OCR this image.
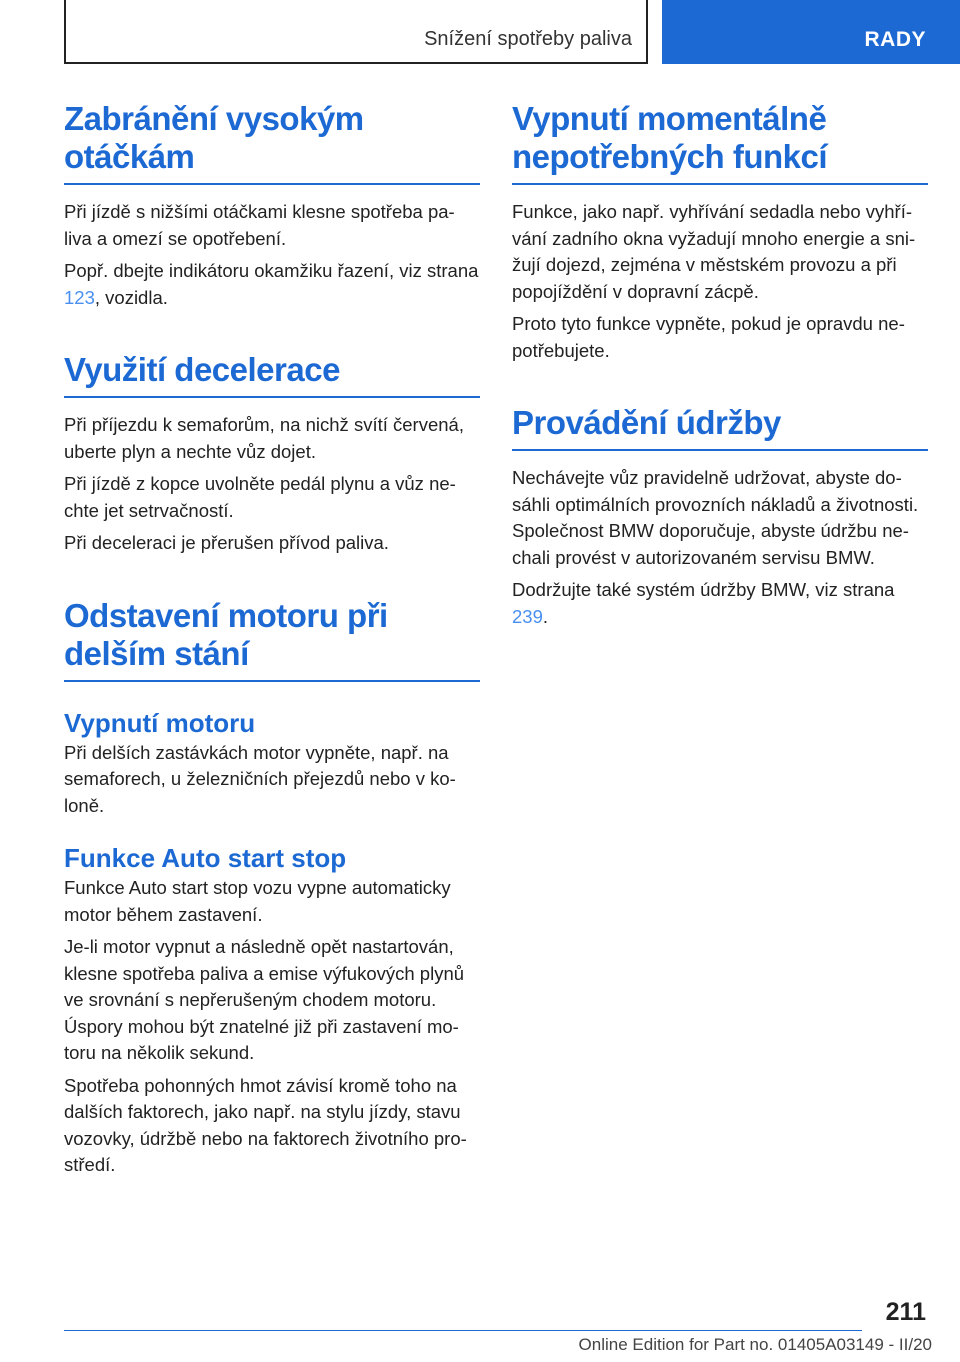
Snížení spotřeby paliva	RADY
Zabránění vysokým
otáčkám

Při jízdě s nižšími otáčkami klesne spotřeba pa-liva a omezí se opotřebení.

Popř. dbejte indikátoru okamžiku řazení, viz strana 123, vozidla.

Využití decelerace

Při příjezdu k semaforům, na nichž svítí červená, uberte plyn a nechte vůz dojet.

Při jízdě z kopce uvolněte pedál plynu a vůz ne-chte jet setrvačností.

Při deceleraci je přerušen přívod paliva.

Odstavení motoru při
delším stání
Vypnutí motoru

Při delších zastávkách motor vypněte, např. na semaforech, u železničních přejezdů nebo v ko-loně.

Funkce Auto start stop

Funkce Auto start stop vozu vypne automaticky motor během zastavení.

Je-li motor vypnut a následně opět nastartován, klesne spotřeba paliva a emise výfukových plynů ve srovnání s nepřerušeným chodem motoru. Úspory mohou být znatelné již při zastavení mo-toru na několik sekund.

Spotřeba pohonných hmot závisí kromě toho na dalších faktorech, jako např. na stylu jízdy, stavu vozovky, údržbě nebo na faktorech životního pro-středí.

Vypnutí momentálně
nepotřebných funkcí

Funkce, jako např. vyhřívání sedadla nebo vyhří-vání zadního okna vyžadují mnoho energie a sni-žují dojezd, zejména v městském provozu a při popojíždění v dopravní zácpě.

Proto tyto funkce vypněte, pokud je opravdu ne-potřebujete.

Provádění údržby

Nechávejte vůz pravidelně udržovat, abyste do-sáhli optimálních provozních nákladů a životnosti. Společnost BMW doporučuje, abyste údržbu ne-chali provést v autorizovaném servisu BMW.

Dodržujte také systém údržby BMW, viz strana 239.

211
Online Edition for Part no. 01405A03149 - II/20
